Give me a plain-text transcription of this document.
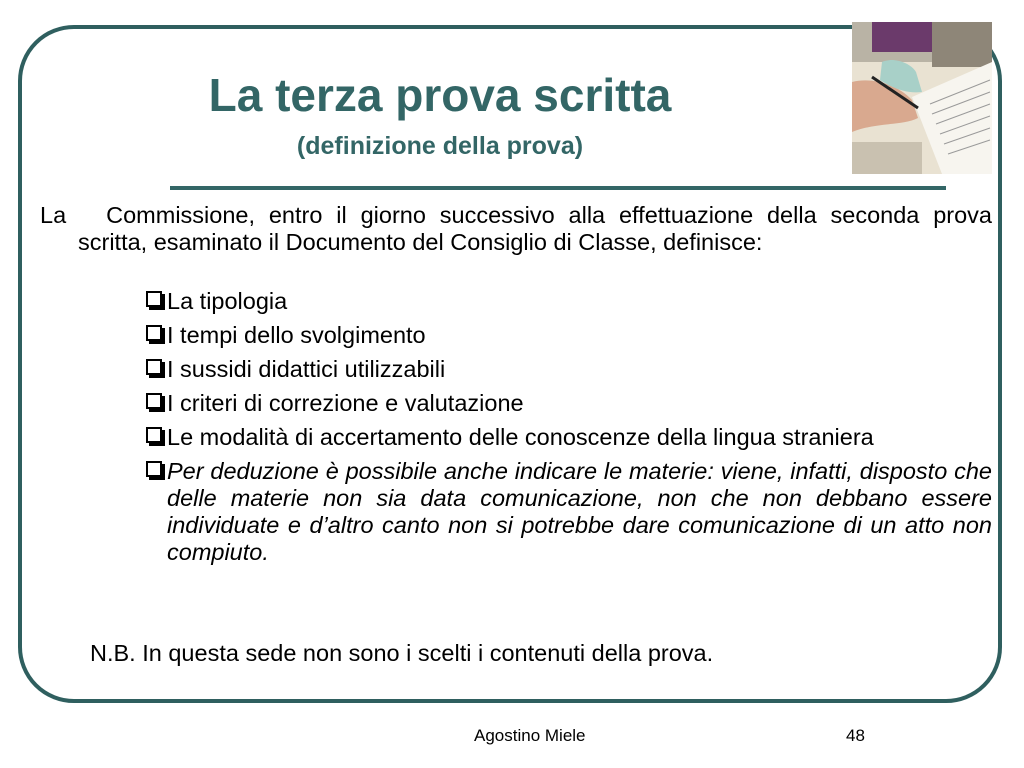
La terza prova scritta
(definizione della prova)

La Commissione, entro il giorno successivo alla effettuazione della seconda prova scritta, esaminato il Documento del Consiglio di Classe, definisce:

La tipologia
I tempi dello svolgimento
I sussidi didattici utilizzabili
I criteri di correzione e valutazione
Le modalità di accertamento delle conoscenze della lingua straniera
Per deduzione è possibile anche indicare le materie: viene, infatti, disposto che delle materie non sia data comunicazione, non che non debbano essere individuate e d’altro canto non si potrebbe dare comunicazione di un atto non compiuto.

N.B. In questa sede non sono i scelti i contenuti della prova.

Agostino Miele	48
